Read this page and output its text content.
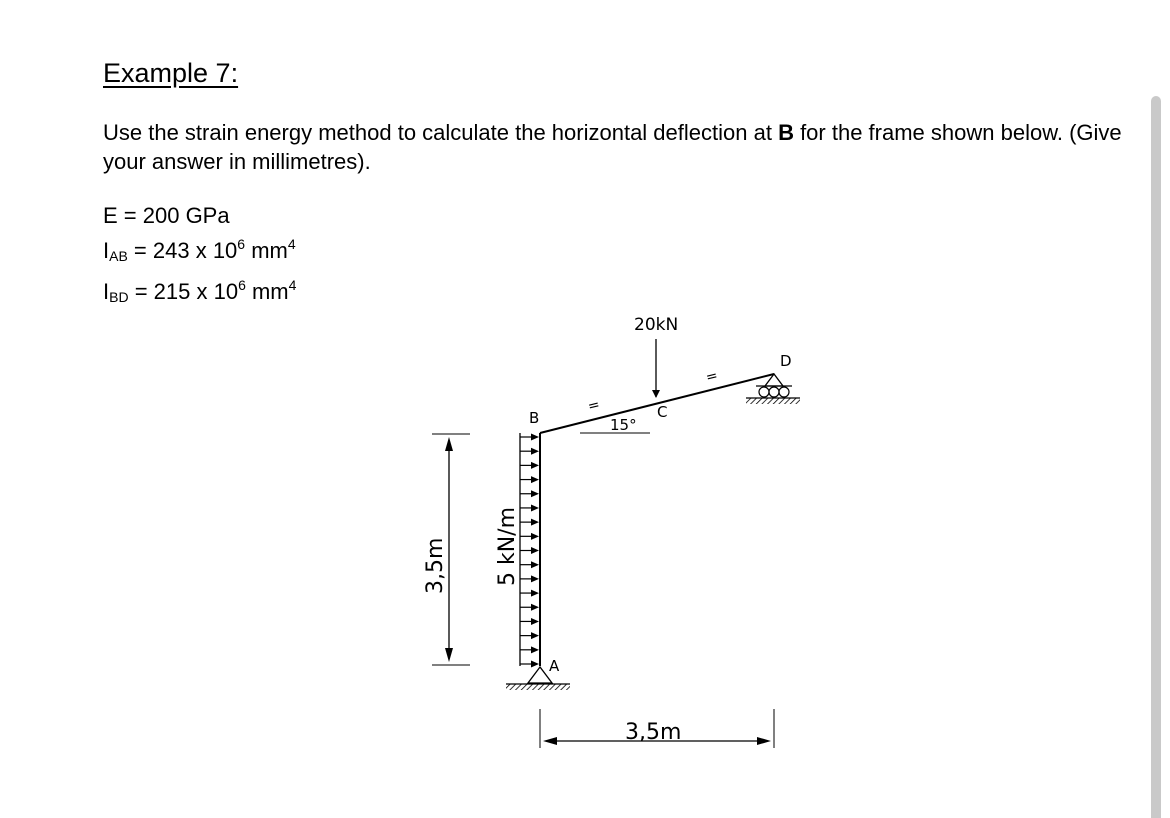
Example 7:
Use the strain energy method to calculate the horizontal deflection at B for the frame shown below. (Give your answer in millimetres).
E = 200 GPa
$I_{AB} = 243$ x $10^6$ $mm^4$
$I_{BD} = 215$ x $10^6$ $mm^4$
15°
=
=
20kN
B	C
D
A
5 kN/m
3,5m
3,5m
